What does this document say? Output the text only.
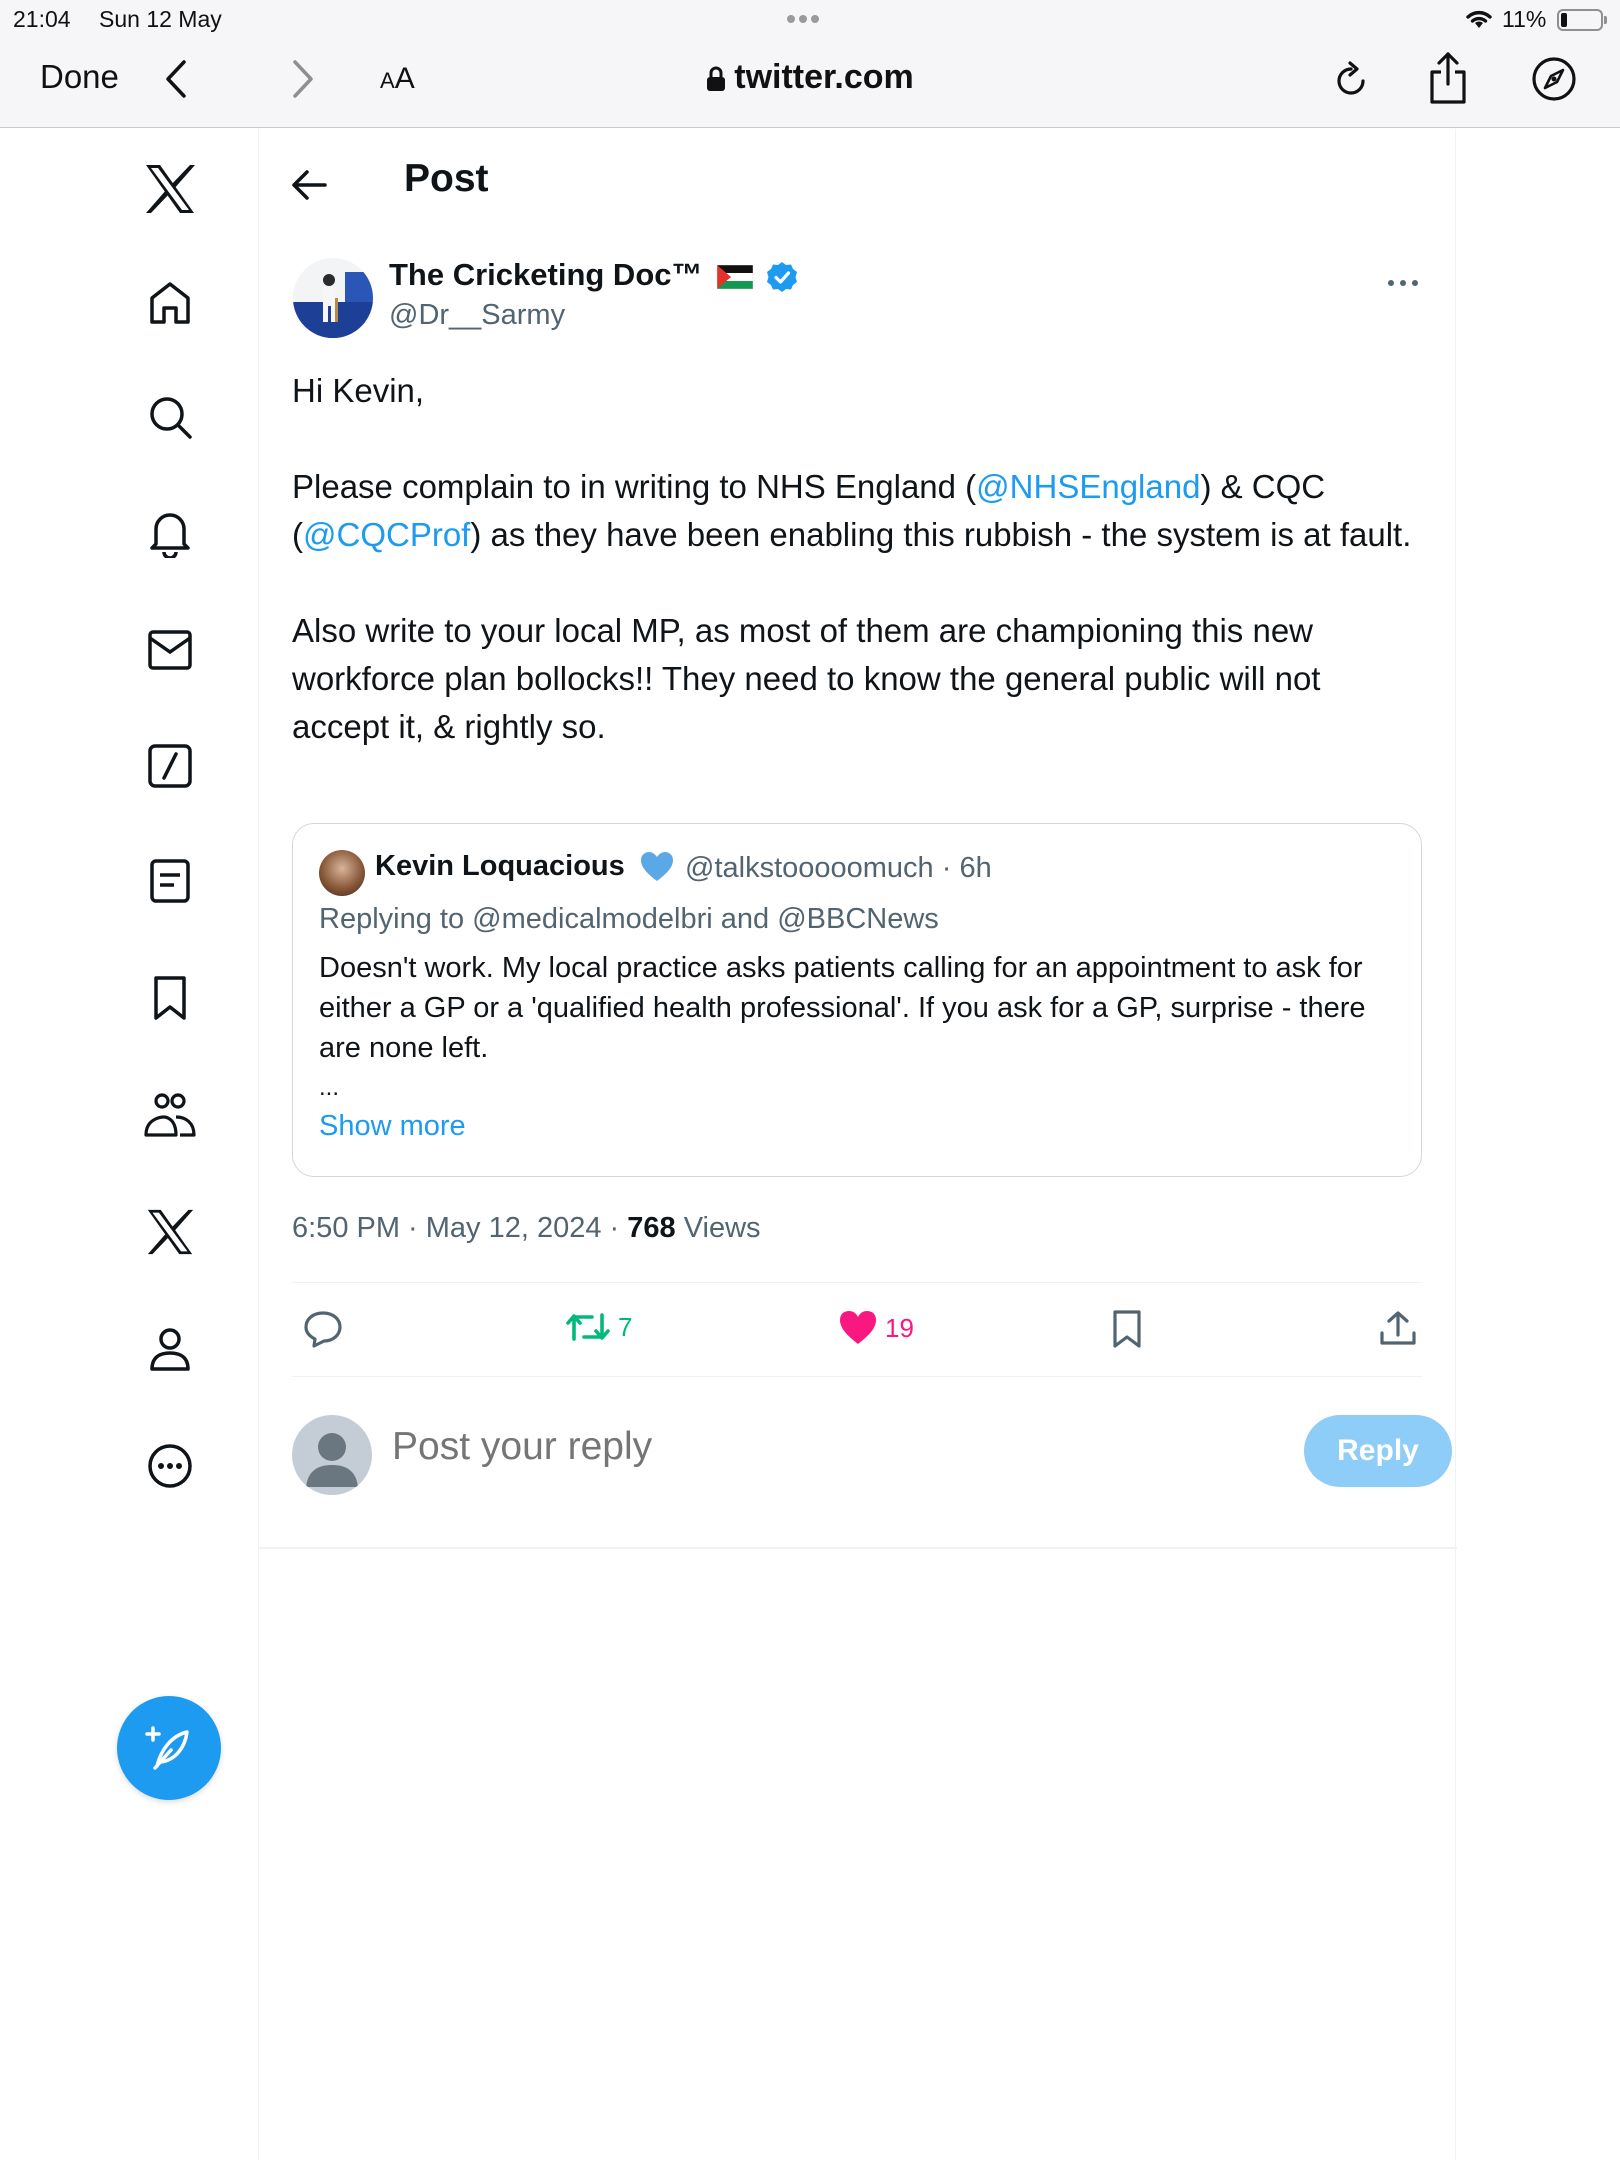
21:04 Sun 12 May	11%
Done	AA	twitter.com
Post
The Cricketing Doc™
@Dr__Sarmy

Hi Kevin,

Please complain to in writing to NHS England (@NHSEngland) & CQC (@CQCProf) as they have been enabling this rubbish - the system is at fault.

Also write to your local MP, as most of them are championing this new workforce plan bollocks!! They need to know the general public will not accept it, & rightly so.

Kevin Loquacious	@talkstooooomuch · 6h
Replying to @medicalmodelbri and @BBCNews
Doesn't work. My local practice asks patients calling for an appointment to ask for either a GP or a 'qualified health professional'. If you ask for a GP, surprise - there are none left.
...
Show more
6:50 PM · May 12, 2024 · 768 Views
7	19
Post your reply
Reply
